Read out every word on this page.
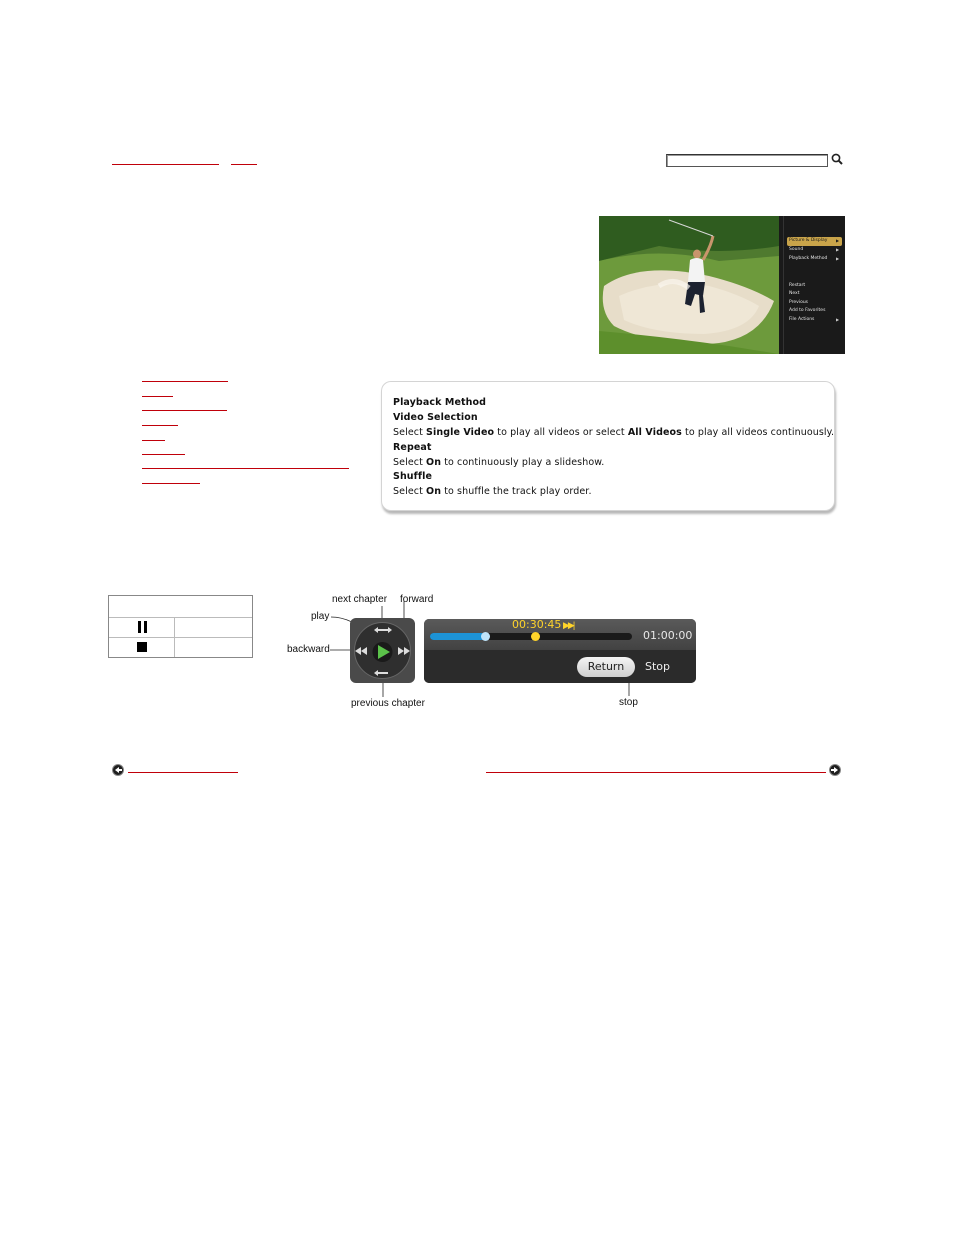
Picture & Display ▶
Sound	▶
Playback Method ▶
Restart
Next
Previous
Add to Favorites
File Actions	▶
Playback Method
Video Selection
Select Single Video to play all videos or select All Videos to play all videos continuously.
Repeat
Select On to continuously play a slideshow.
Shuffle
Select On to shuffle the track play order.
next chapter forward
play
backward
previous chapter	stop
00:30:45 ▶▶|
01:00:00
Return	Stop
